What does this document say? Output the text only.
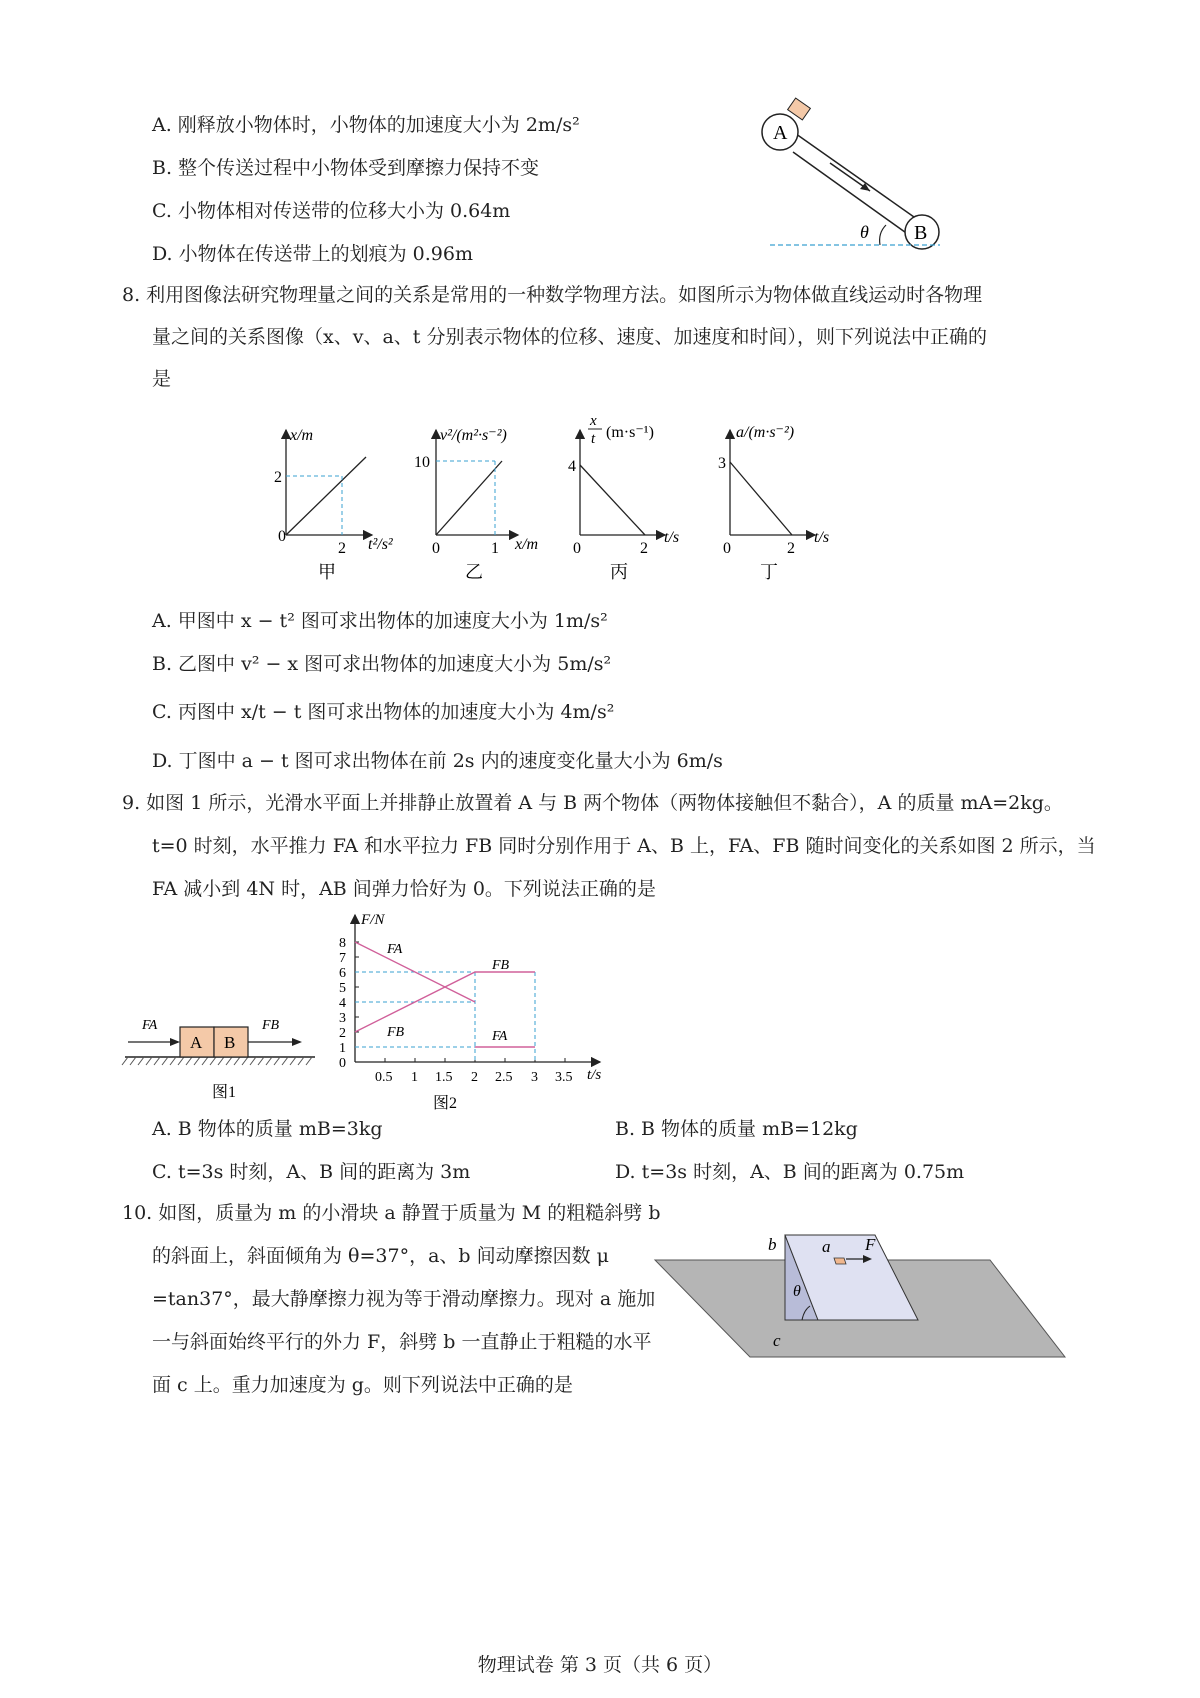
A. 刚释放小物体时，小物体的加速度大小为 2m/s²
B. 整个传送过程中小物体受到摩擦力保持不变
C. 小物体相对传送带的位移大小为 0.64m
D. 小物体在传送带上的划痕为 0.96m
A
B
θ
8. 利用图像法研究物理量之间的关系是常用的一种数学物理方法。如图所示为物体做直线运动时各物理
量之间的关系图像（x、v、a、t 分别表示物体的位移、速度、加速度和时间），则下列说法中正确的
是
x/m
t²/s²
0
2
2
甲
v²/(m²·s⁻²)
x/m
0
10
1
乙
x
t (m·s⁻¹)
t/s
0
4
2
丙
a/(m·s⁻²)
t/s
0
3
2
丁
A. 甲图中 x − t² 图可求出物体的加速度大小为 1m/s²
B. 乙图中 v² − x 图可求出物体的加速度大小为 5m/s²
C. 丙图中 x/t − t 图可求出物体的加速度大小为 4m/s²
D. 丁图中 a − t 图可求出物体在前 2s 内的速度变化量大小为 6m/s
9. 如图 1 所示，光滑水平面上并排静止放置着 A 与 B 两个物体（两物体接触但不黏合），A 的质量 mA=2kg。
t=0 时刻，水平推力 FA 和水平拉力 FB 同时分别作用于 A、B 上，FA、FB 随时间变化的关系如图 2 所示，当
FA 减小到 4N 时，AB 间弹力恰好为 0。下列说法正确的是
A B
FA	FB
图1
F/N
t/s
0
1
2
3
4
5
6
7
8
0.5 1 1.5 2 2.5 3 3.5
FA
FB
FB	FA
图2
A. B 物体的质量 mB=3kg	B. B 物体的质量 mB=12kg
C. t=3s 时刻，A、B 间的距离为 3m	D. t=3s 时刻，A、B 间的距离为 0.75m
10. 如图，质量为 m 的小滑块 a 静置于质量为 M 的粗糙斜劈 b
的斜面上，斜面倾角为 θ=37°，a、b 间动摩擦因数 μ
=tan37°，最大静摩擦力视为等于滑动摩擦力。现对 a 施加
一与斜面始终平行的外力 F，斜劈 b 一直静止于粗糙的水平
面 c 上。重力加速度为 g。则下列说法中正确的是
b	a F
θ
c
物理试卷 第 3 页（共 6 页）
